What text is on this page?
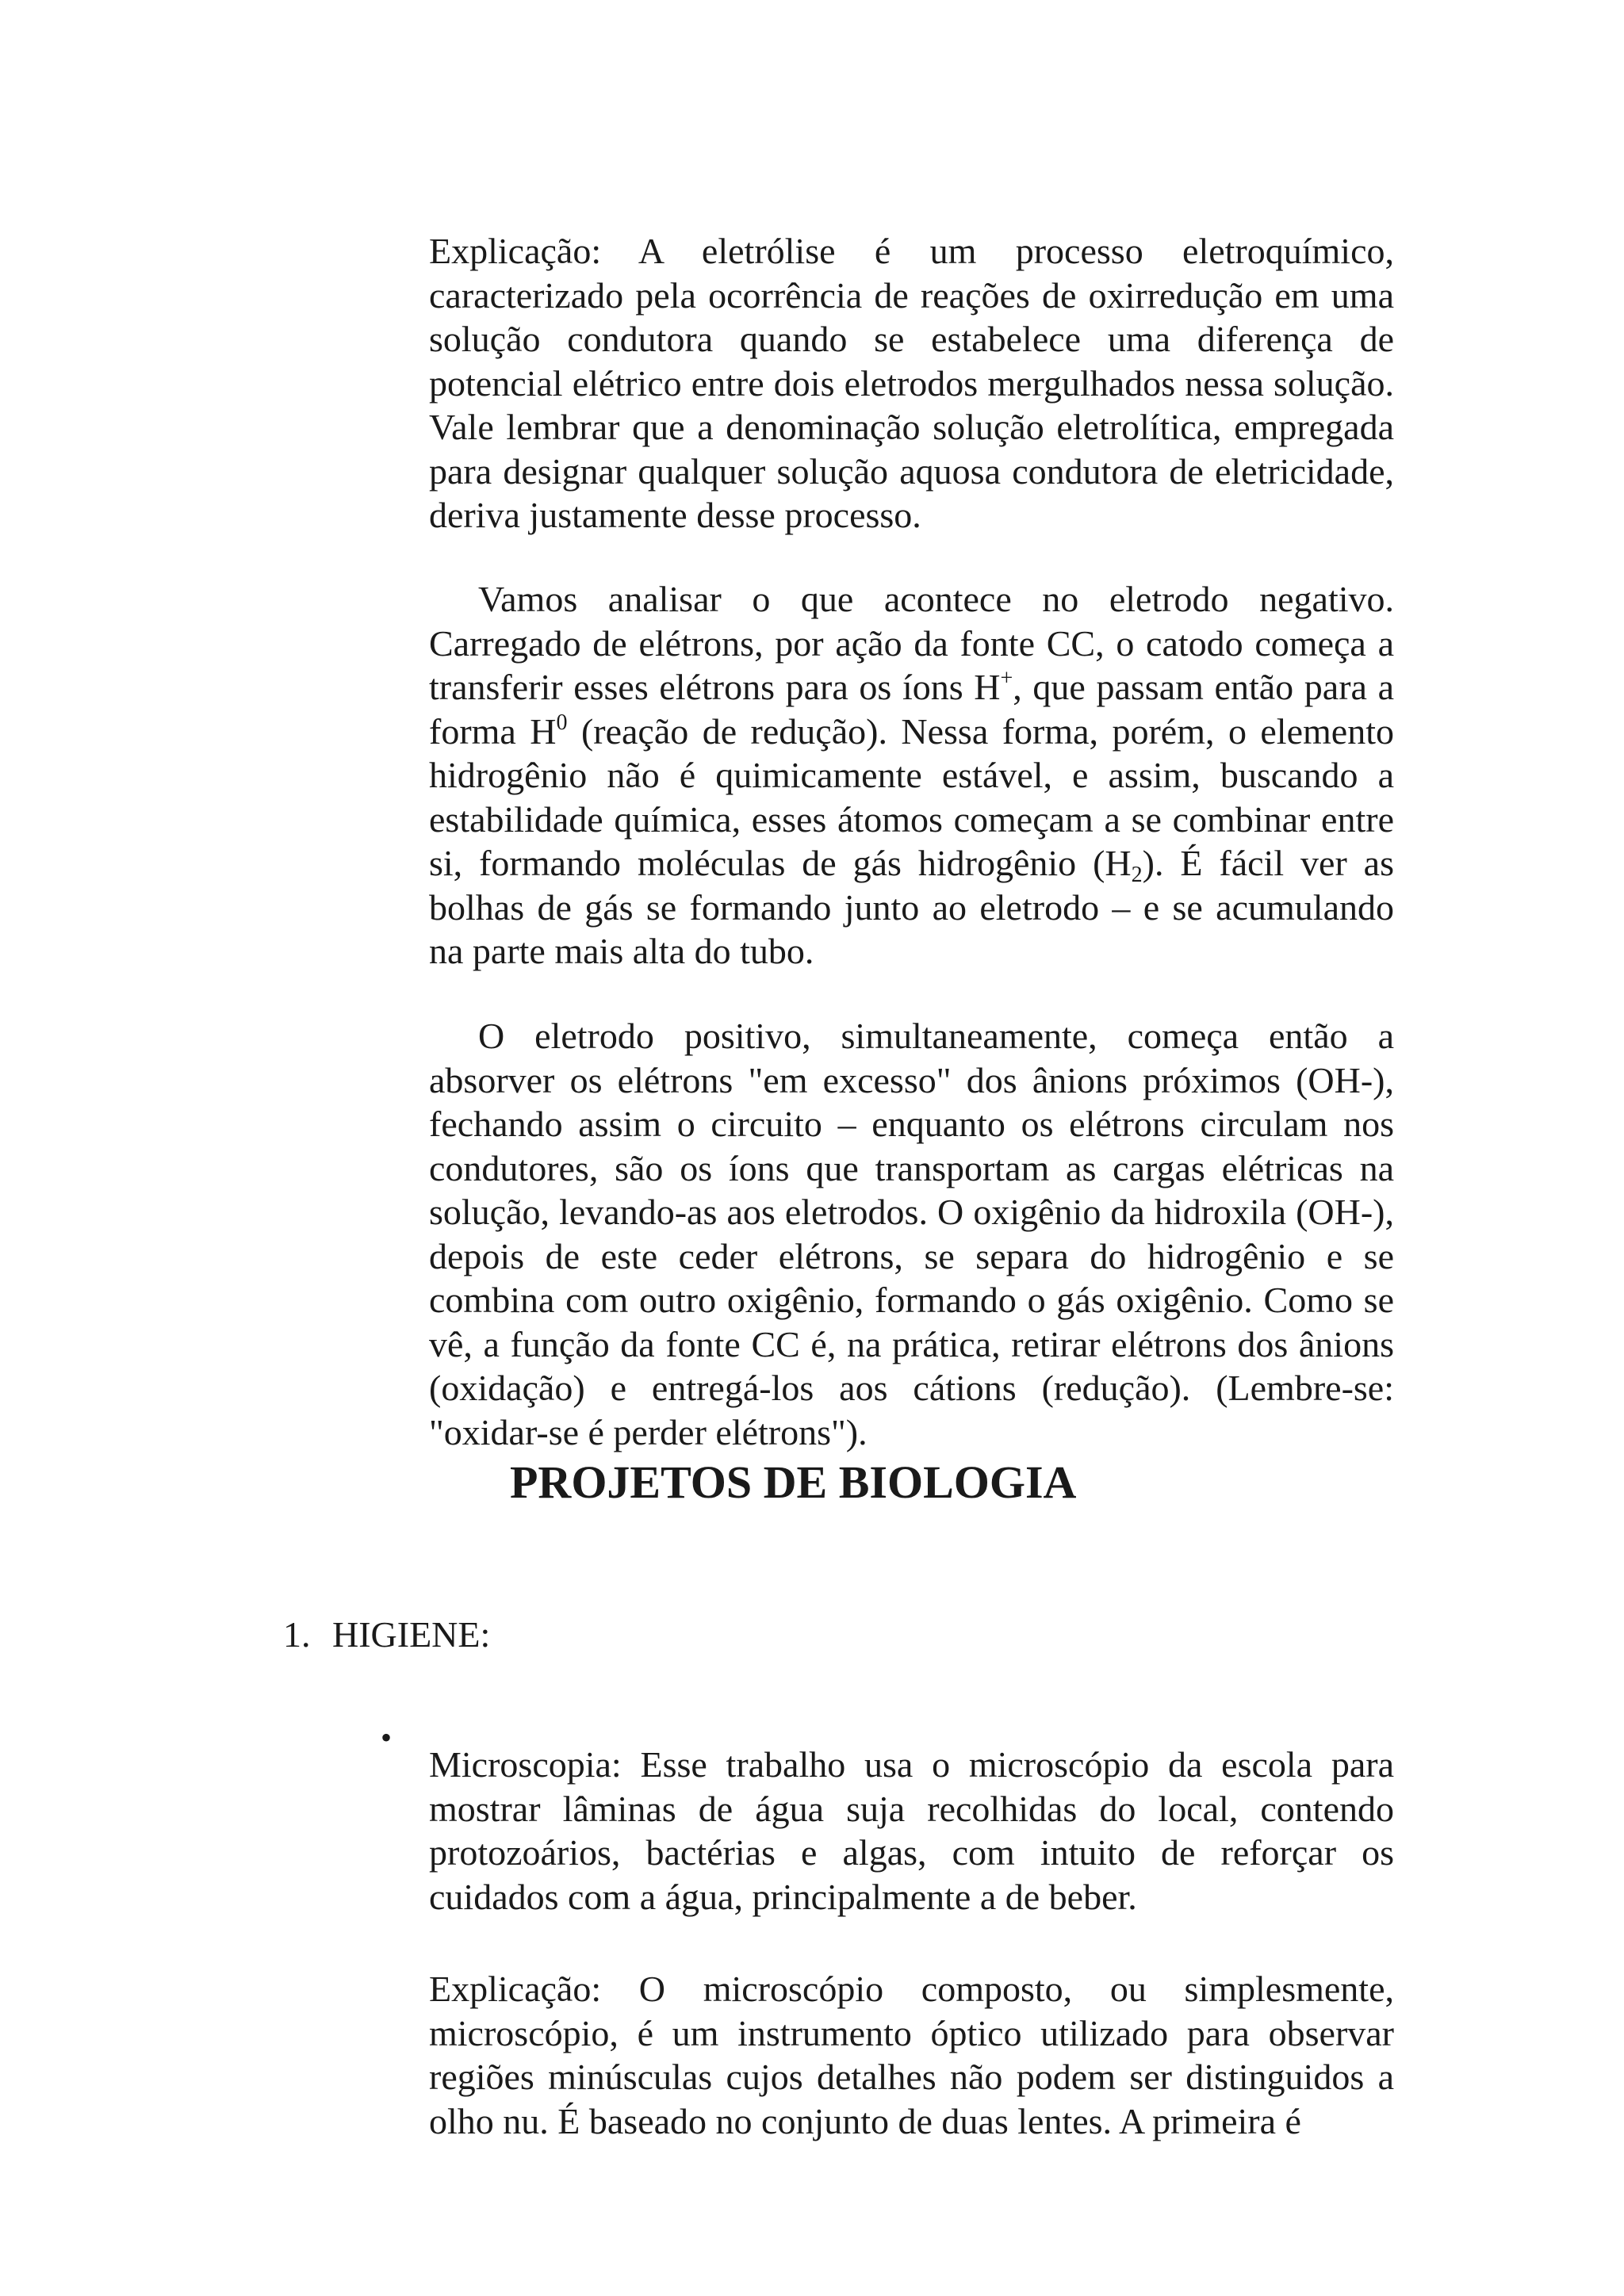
Explicação: A eletrólise é um processo eletroquímico, caracterizado pela ocorrência de reações de oxirredução em uma solução condutora quando se estabelece uma diferença de potencial elétrico entre dois eletrodos mergulhados nessa solução. Vale lembrar que a denominação solução eletrolítica, empregada para designar qualquer solução aquosa condutora de eletricidade, deriva justamente desse processo.

Vamos analisar o que acontece no eletrodo negativo. Carregado de elétrons, por ação da fonte CC, o catodo começa a transferir esses elétrons para os íons H+, que passam então para a forma $H^0$ (reação de redução). Nessa forma, porém, o elemento hidrogênio não é quimicamente estável, e assim, buscando a estabilidade química, esses átomos começam a se combinar entre si, formando moléculas de gás hidrogênio $(H_2)$. É fácil ver as bolhas de gás se formando junto ao eletrodo – e se acumulando na parte mais alta do tubo.

O eletrodo positivo, simultaneamente, começa então a absorver os elétrons "em excesso" dos ânions próximos (OH-), fechando assim o circuito – enquanto os elétrons circulam nos condutores, são os íons que transportam as cargas elétricas na solução, levando-as aos eletrodos. O oxigênio da hidroxila (OH-), depois de este ceder elétrons, se separa do hidrogênio e se combina com outro oxigênio, formando o gás oxigênio. Como se vê, a função da fonte CC é, na prática, retirar elétrons dos ânions (oxidação) e entregá-los aos cátions (redução). (Lembre-se: "oxidar-se é perder elétrons").

PROJETOS DE BIOLOGIA
1. HIGIENE:
•

Microscopia: Esse trabalho usa o microscópio da escola para mostrar lâminas de água suja recolhidas do local, contendo protozoários, bactérias e algas, com intuito de reforçar os cuidados com a água, principalmente a de beber.

Explicação: O microscópio composto, ou simplesmente, microscópio, é um instrumento óptico utilizado para observar regiões minúsculas cujos detalhes não podem ser distinguidos a olho nu. É baseado no conjunto de duas lentes. A primeira é
